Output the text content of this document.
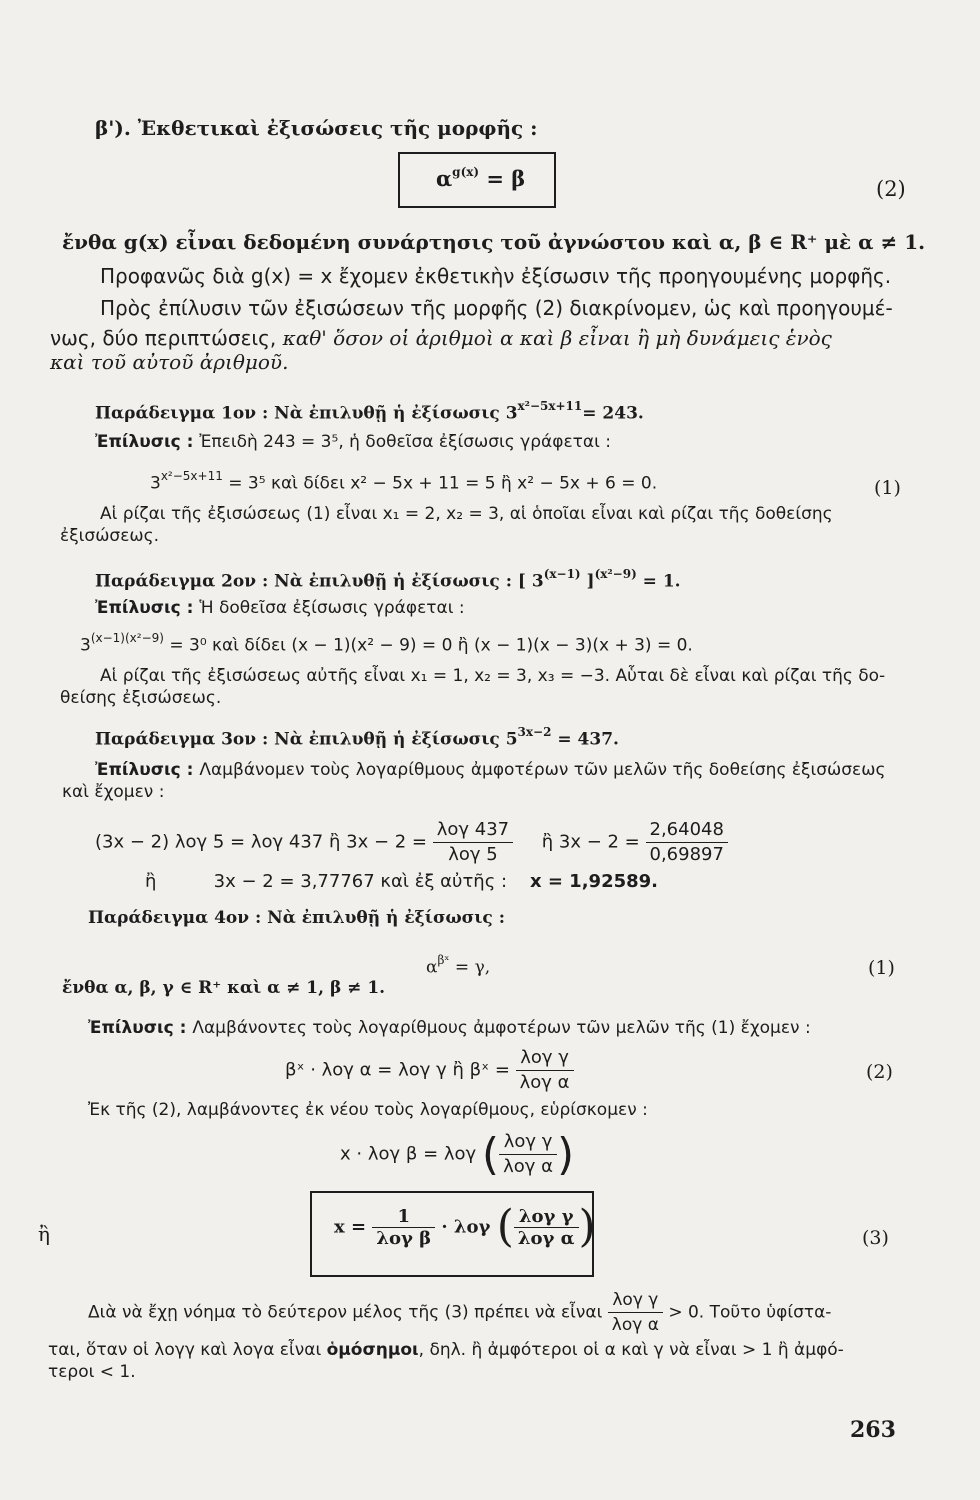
β'). Ἐκθετικαὶ ἐξισώσεις τῆς μορφῆς :
$\alpha^{g(x)} = \beta$	(2)
ἔνθα g(x) εἶναι δεδομένη συνάρτησις τοῦ ἀγνώστου καὶ α, β ∈ R⁺ μὲ α ≠ 1.
Προφανῶς διὰ g(x) = x ἔχομεν ἐκθετικὴν ἐξίσωσιν τῆς προηγουμένης μορφῆς.
Πρὸς ἐπίλυσιν τῶν ἐξισώσεων τῆς μορφῆς (2) διακρίνομεν, ὡς καὶ προηγουμέ-
νως, δύο περιπτώσεις, καθ' ὅσον οἱ ἀριθμοὶ α καὶ β εἶναι ἢ μὴ δυνάμεις ἑνὸς
καὶ τοῦ αὐτοῦ ἀριθμοῦ.
Παράδειγμα 1ον : Νὰ ἐπιλυθῇ ἡ ἐξίσωσις $3^{x^2-5x+11}= 243$.
Ἐπίλυσις : Ἐπειδὴ 243 = 3⁵, ἡ δοθεῖσα ἐξίσωσις γράφεται :
$3^{x^2-5x+11} = 3^5$ καὶ δίδει x² − 5x + 11 = 5 ἢ x² − 5x + 6 = 0.	(1)
Αἱ ρίζαι τῆς ἐξισώσεως (1) εἶναι x₁ = 2, x₂ = 3, αἱ ὁποῖαι εἶναι καὶ ρίζαι τῆς δοθείσης
ἐξισώσεως.
Παράδειγμα 2ον : Νὰ ἐπιλυθῇ ἡ ἐξίσωσις : [ $3^{(x-1)}$ ]$^{(x^2-9)}$ = 1.
Ἐπίλυσις : Ἡ δοθεῖσα ἐξίσωσις γράφεται :
$3^{(x-1)(x^2-9)} = 3^0$ καὶ δίδει (x − 1)(x² − 9) = 0 ἢ (x − 1)(x − 3)(x + 3) = 0.
Αἱ ρίζαι τῆς ἐξισώσεως αὐτῆς εἶναι x₁ = 1, x₂ = 3, x₃ = −3. Αὗται δὲ εἶναι καὶ ρίζαι τῆς δο-
θείσης ἐξισώσεως.
Παράδειγμα 3ον : Νὰ ἐπιλυθῇ ἡ ἐξίσωσις $5^{3x-2} = 437$.
Ἐπίλυσις : Λαμβάνομεν τοὺς λογαρίθμους ἀμφοτέρων τῶν μελῶν τῆς δοθείσης ἐξισώσεως
καὶ ἔχομεν :
(3x − 2) λογ 5 = λογ 437 ἢ $3x - 2 = \frac{\text{λογ 437}}{\text{λογ 5}}$ ἢ $3x - 2 = \frac{2,64048}{0,69897}$
ἢ	3x − 2 = 3,77767 καὶ ἐξ αὐτῆς : x = 1,92589.
Παράδειγμα 4ον : Νὰ ἐπιλυθῇ ἡ ἐξίσωσις :
$\alpha^{\beta ˣ} = \gamma$,	(1)
ἔνθα α, β, γ ∈ R⁺ καὶ α ≠ 1, β ≠ 1.
Ἐπίλυσις : Λαμβάνοντες τοὺς λογαρίθμους ἀμφοτέρων τῶν μελῶν τῆς (1) ἔχομεν :
βˣ · λογ α = λογ γ ἢ βˣ = $\frac{\text{λογ γ}}{\text{λογ α}}$	(2)
Ἐκ τῆς (2), λαμβάνοντες ἐκ νέου τοὺς λογαρίθμους, εὑρίσκομεν :
x · λογ β = λογ ( $\frac{\text{λογ γ}}{\text{λογ α}}$ )
ἢ	$x = \frac{1}{\text{λογ β}} \cdot \lambda o\gamma$ ( $\frac{\text{λογ γ}}{\text{λογ α}}$ )	(3)
Διὰ νὰ ἔχῃ νόημα τὸ δεύτερον μέλος τῆς (3) πρέπει νὰ εἶναι $\frac{\text{λογ γ}}{\text{λογ α}} > 0$. Τοῦτο ὑφίστα-
ται, ὅταν οἱ λογγ καὶ λογα εἶναι ὁμόσημοι, δηλ. ἢ ἀμφότεροι οἱ α καὶ γ νὰ εἶναι > 1 ἢ ἀμφό-
τεροι < 1.
263
